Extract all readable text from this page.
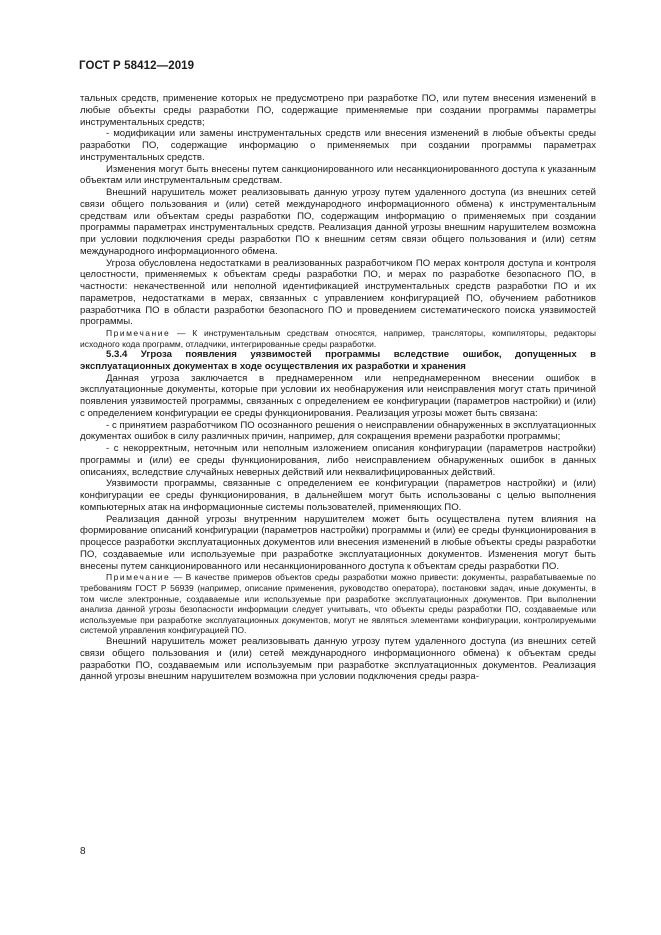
ГОСТ Р 58412—2019

тальных средств, применение которых не предусмотрено при разработке ПО, или путем внесения изменений в любые объекты среды разработки ПО, содержащие применяемые при создании программы параметры инструментальных средств;

- модификации или замены инструментальных средств или внесения изменений в любые объекты среды разработки ПО, содержащие информацию о применяемых при создании программы параметрах инструментальных средств.

Изменения могут быть внесены путем санкционированного или несанкционированного доступа к указанным объектам или инструментальным средствам.

Внешний нарушитель может реализовывать данную угрозу путем удаленного доступа (из внешних сетей связи общего пользования и (или) сетей международного информационного обмена) к инструментальным средствам или объектам среды разработки ПО, содержащим информацию о применяемых при создании программы параметрах инструментальных средств. Реализация данной угрозы внешним нарушителем возможна при условии подключения среды разработки ПО к внешним сетям связи общего пользования и (или) сетям международного информационного обмена.

Угроза обусловлена недостатками в реализованных разработчиком ПО мерах контроля доступа и контроля целостности, применяемых к объектам среды разработки ПО, и мерах по разработке безопасного ПО, в частности: некачественной или неполной идентификацией инструментальных средств разработки ПО и их параметров, недостатками в мерах, связанных с управлением конфигурацией ПО, обучением работников разработчика ПО в области разработки безопасного ПО и проведением систематического поиска уязвимостей программы.

Примечание — К инструментальным средствам относятся, например, трансляторы, компиляторы, редакторы исходного кода программ, отладчики, интегрированные среды разработки.

5.3.4 Угроза появления уязвимостей программы вследствие ошибок, допущенных в эксплуатационных документах в ходе осуществления их разработки и хранения

Данная угроза заключается в преднамеренном или непреднамеренном внесении ошибок в эксплуатационные документы, которые при условии их необнаружения или неисправления могут стать причиной появления уязвимостей программы, связанных с определением ее конфигурации (параметров настройки) и (или) с определением конфигурации ее среды функционирования. Реализация угрозы может быть связана:

- с принятием разработчиком ПО осознанного решения о неисправлении обнаруженных в эксплуатационных документах ошибок в силу различных причин, например, для сокращения времени разработки программы;

- с некорректным, неточным или неполным изложением описания конфигурации (параметров настройки) программы и (или) ее среды функционирования, либо неисправлением обнаруженных ошибок в данных описаниях, вследствие случайных неверных действий или неквалифицированных действий.

Уязвимости программы, связанные с определением ее конфигурации (параметров настройки) и (или) конфигурации ее среды функционирования, в дальнейшем могут быть использованы с целью выполнения компьютерных атак на информационные системы пользователей, применяющих ПО.

Реализация данной угрозы внутренним нарушителем может быть осуществлена путем влияния на формирование описаний конфигурации (параметров настройки) программы и (или) ее среды функционирования в процессе разработки эксплуатационных документов или внесения изменений в любые объекты среды разработки ПО, создаваемые или используемые при разработке эксплуатационных документов. Изменения могут быть внесены путем санкционированного или несанкционированного доступа к объектам среды разработки ПО.

Примечание — В качестве примеров объектов среды разработки можно привести: документы, разрабатываемые по требованиям ГОСТ Р 56939 (например, описание применения, руководство оператора), постановки задач, иные документы, в том числе электронные, создаваемые или используемые при разработке эксплуатационных документов. При выполнении анализа данной угрозы безопасности информации следует учитывать, что объекты среды разработки ПО, создаваемые или используемые при разработке эксплуатационных документов, могут не являться элементами конфигурации, контролируемыми системой управления конфигурацией ПО.

Внешний нарушитель может реализовывать данную угрозу путем удаленного доступа (из внешних сетей связи общего пользования и (или) сетей международного информационного обмена) к объектам среды разработки ПО, создаваемым или используемым при разработке эксплуатационных документов. Реализация данной угрозы внешним нарушителем возможна при условии подключения среды разра-

8
